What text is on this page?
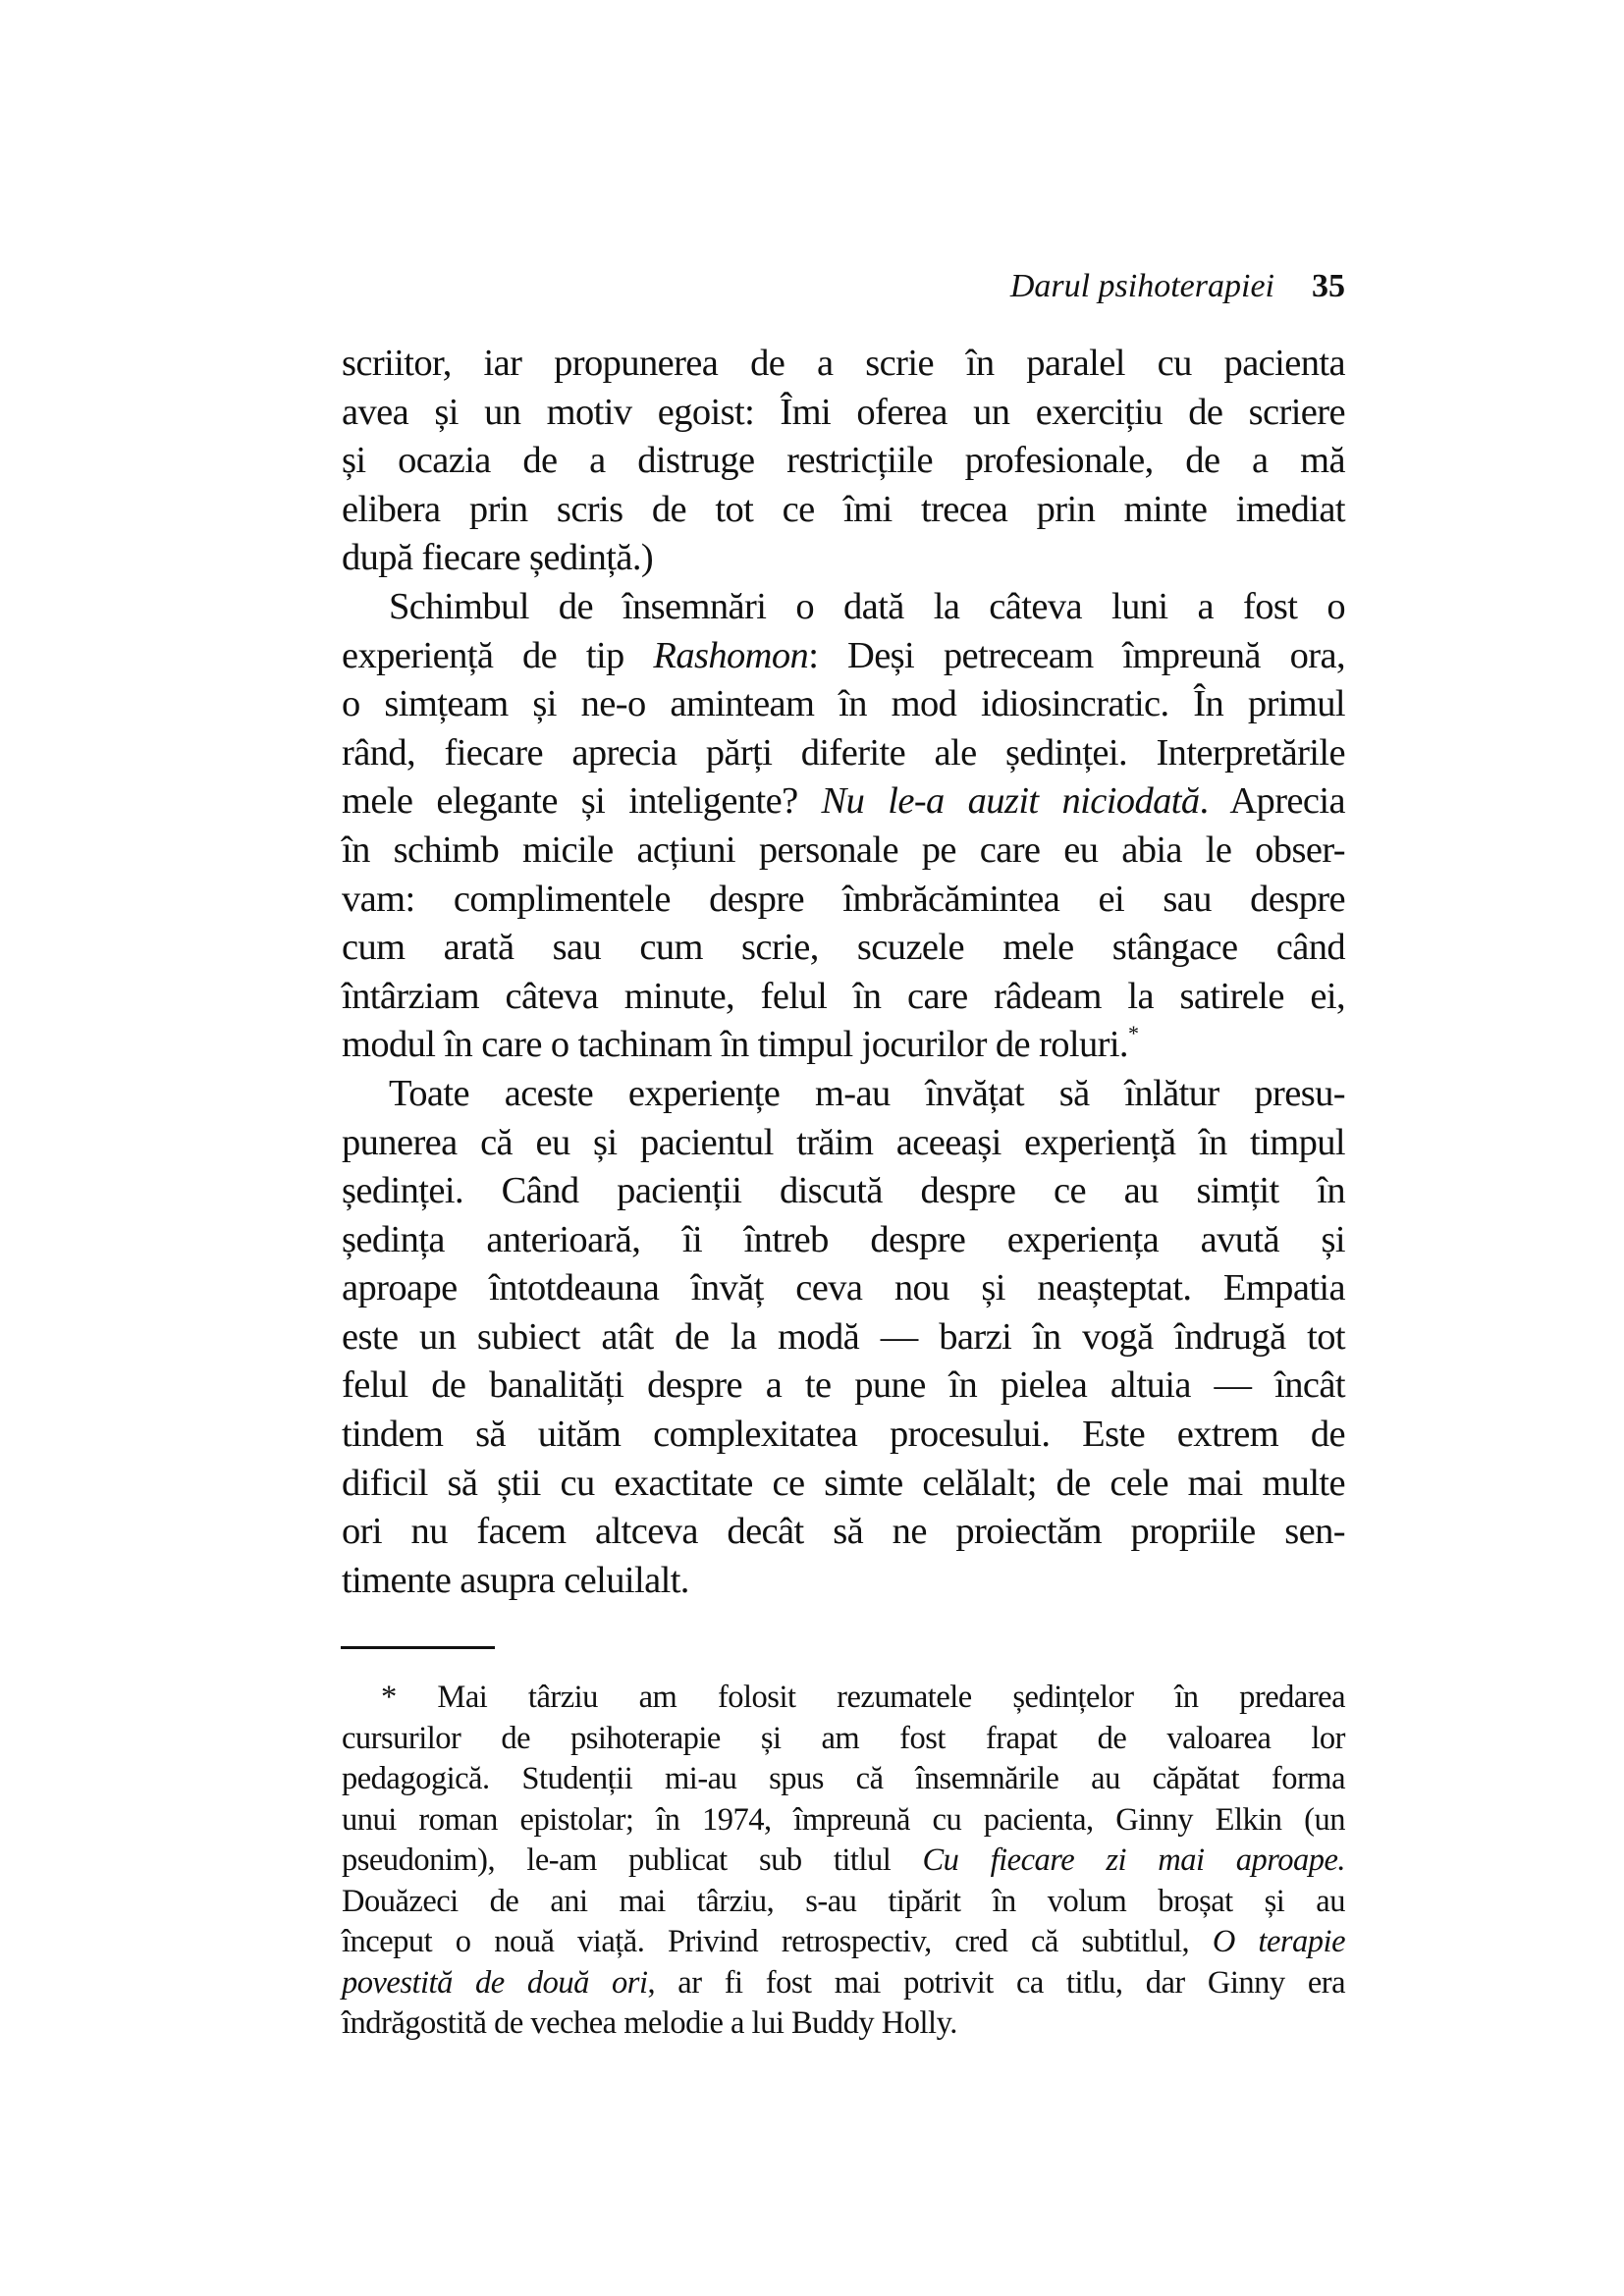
Darul psihoterapiei 35
scriitor, iar propunerea de a scrie în paralel cu pacienta
avea și un motiv egoist: Îmi oferea un exercițiu de scriere
și ocazia de a distruge restricțiile profesionale, de a mă
elibera prin scris de tot ce îmi trecea prin minte imediat
după fiecare ședință.)
Schimbul de însemnări o dată la câteva luni a fost o
experiență de tip Rashomon: Deși petreceam împreună ora,
o simțeam și ne-o aminteam în mod idiosincratic. În primul
rând, fiecare aprecia părți diferite ale ședinței. Interpretările
mele elegante și inteligente? Nu le-a auzit niciodată. Aprecia
în schimb micile acțiuni personale pe care eu abia le obser-
vam: complimentele despre îmbrăcămintea ei sau despre
cum arată sau cum scrie, scuzele mele stângace când
întârziam câteva minute, felul în care râdeam la satirele ei,
modul în care o tachinam în timpul jocurilor de roluri.*
Toate aceste experiențe m-au învățat să înlătur presu-
punerea că eu și pacientul trăim aceeași experiență în timpul
ședinței. Când pacienții discută despre ce au simțit în
ședința anterioară, îi întreb despre experiența avută și
aproape întotdeauna învăț ceva nou și neașteptat. Empatia
este un subiect atât de la modă — barzi în vogă îndrugă tot
felul de banalități despre a te pune în pielea altuia — încât
tindem să uităm complexitatea procesului. Este extrem de
dificil să știi cu exactitate ce simte celălalt; de cele mai multe
ori nu facem altceva decât să ne proiectăm propriile sen-
timente asupra celuilalt.
* Mai târziu am folosit rezumatele ședințelor în predarea
cursurilor de psihoterapie și am fost frapat de valoarea lor
pedagogică. Studenții mi-au spus că însemnările au căpătat forma
unui roman epistolar; în 1974, împreună cu pacienta, Ginny Elkin (un
pseudonim), le-am publicat sub titlul Cu fiecare zi mai aproape.
Douăzeci de ani mai târziu, s-au tipărit în volum broșat și au
început o nouă viață. Privind retrospectiv, cred că subtitlul, O terapie
povestită de două ori, ar fi fost mai potrivit ca titlu, dar Ginny era
îndrăgostită de vechea melodie a lui Buddy Holly.
